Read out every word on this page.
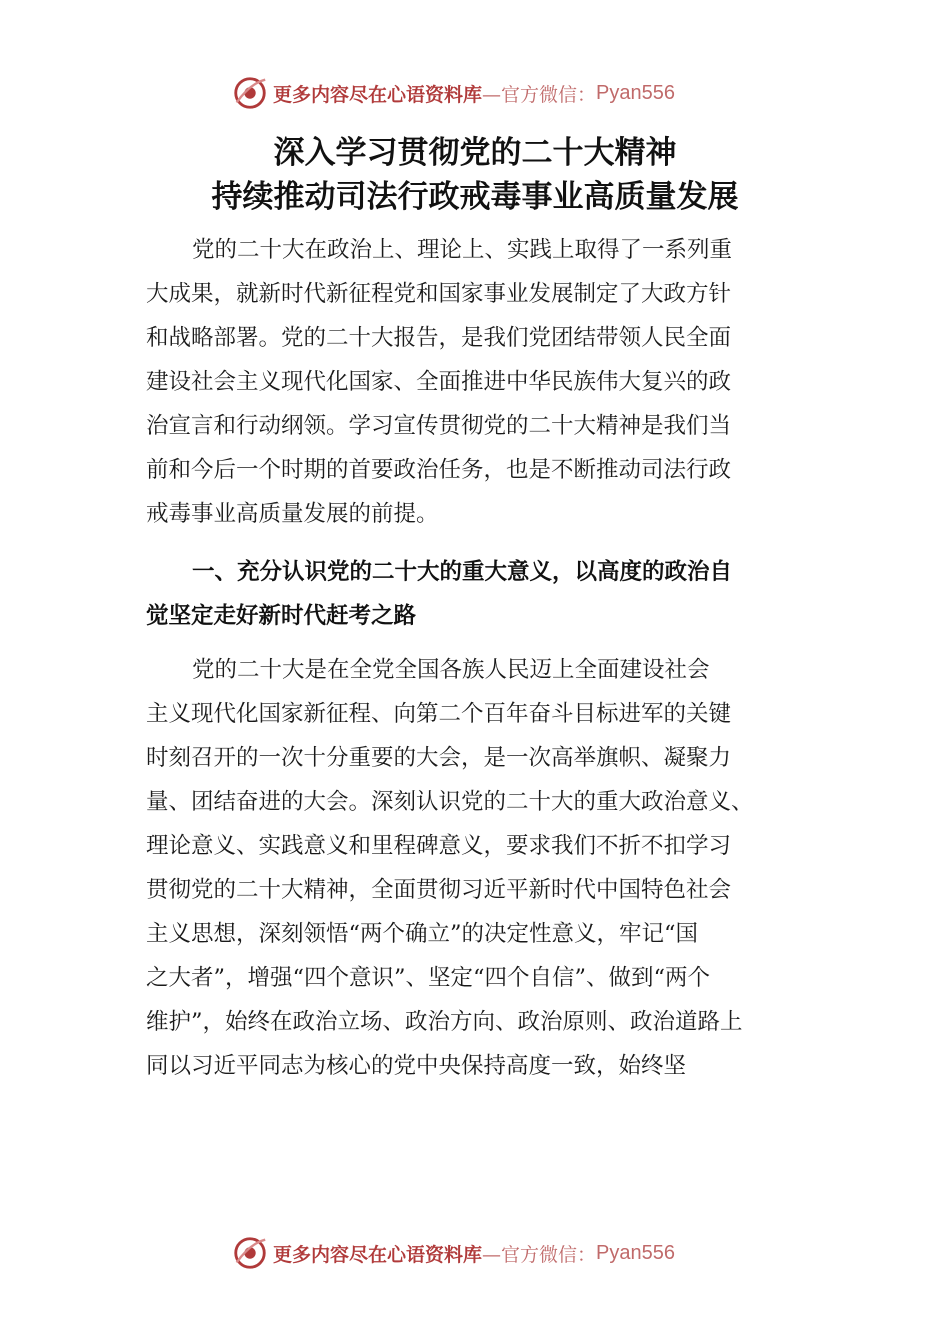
更多内容尽在心语资料库 —官方微信： Pyan556
深入学习贯彻党的二十大精神
持续推动司法行政戒毒事业高质量发展
党的二十大在政治上、理论上、实践上取得了一系列重
大成果，就新时代新征程党和国家事业发展制定了大政方针
和战略部署。党的二十大报告，是我们党团结带领人民全面
建设社会主义现代化国家、全面推进中华民族伟大复兴的政
治宣言和行动纲领。学习宣传贯彻党的二十大精神是我们当
前和今后一个时期的首要政治任务，也是不断推动司法行政
戒毒事业高质量发展的前提。
一、充分认识党的二十大的重大意义，以高度的政治自
觉坚定走好新时代赶考之路
党的二十大是在全党全国各族人民迈上全面建设社会
主义现代化国家新征程、向第二个百年奋斗目标进军的关键
时刻召开的一次十分重要的大会，是一次高举旗帜、凝聚力
量、团结奋进的大会。深刻认识党的二十大的重大政治意义、
理论意义、实践意义和里程碑意义，要求我们不折不扣学习
贯彻党的二十大精神，全面贯彻习近平新时代中国特色社会
主义思想，深刻领悟“两个确立”的决定性意义，牢记“国
之大者”，增强“四个意识”、坚定“四个自信”、做到“两个
维护”，始终在政治立场、政治方向、政治原则、政治道路上
同以习近平同志为核心的党中央保持高度一致，始终坚
更多内容尽在心语资料库 —官方微信： Pyan556
